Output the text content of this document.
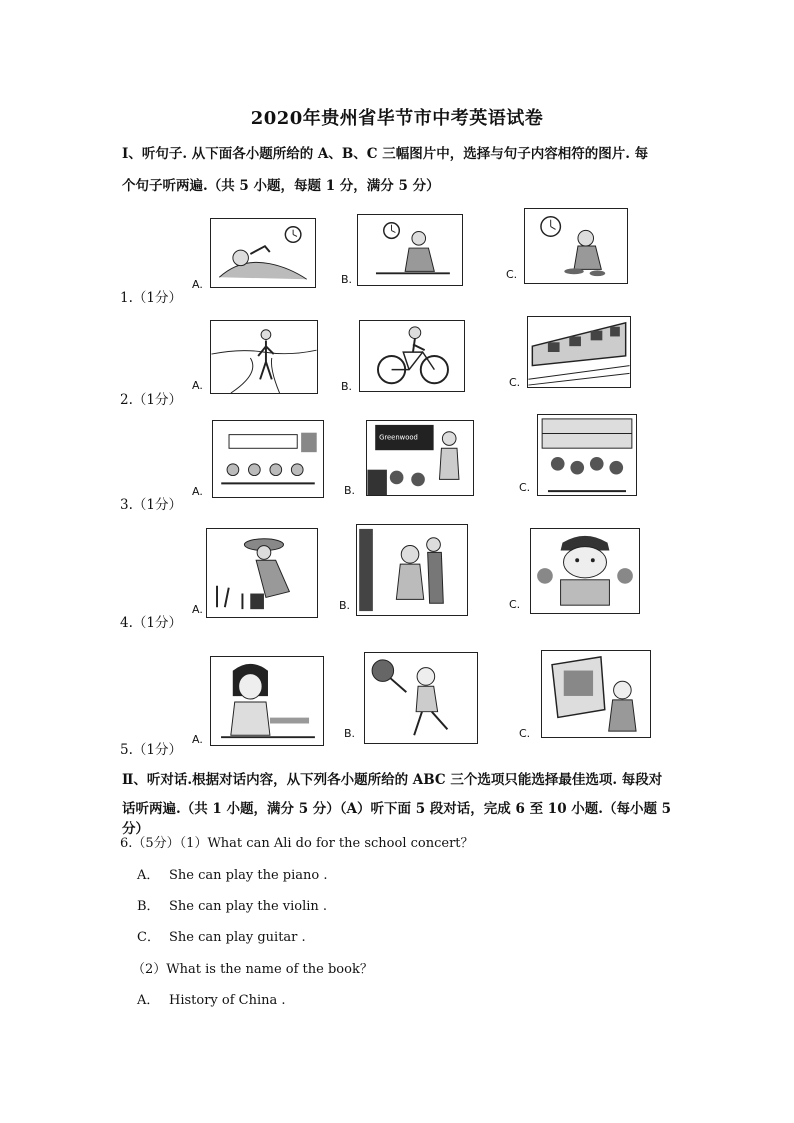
2020年贵州省毕节市中考英语试卷
Ⅰ、听句子. 从下面各小题所给的 A、B、C 三幅图片中，选择与句子内容相符的图片. 每
个句子听两遍.（共 5 小题，每题 1 分，满分 5 分）
1.（1分）
A.	B.	C.
2.（1分）
A.	B.	C.
3.（1分）
A.	B.
Greenwood
C.
4.（1分）
A.	B.	C.
5.（1分）
A.	B.	C.
Ⅱ、听对话.根据对话内容，从下列各小题所给的 ABC 三个选项只能选择最佳选项. 每段对
话听两遍.（共 1 小题，满分 5 分）（A）听下面 5 段对话，完成 6 至 10 小题.（每小题 5 分）
6.（5分）（1）What can Ali do for the school concert？
A． She can play the piano .
B． She can play the violin .
C． She can play guitar .
（2）What is the name of the book？
A． History of China .
